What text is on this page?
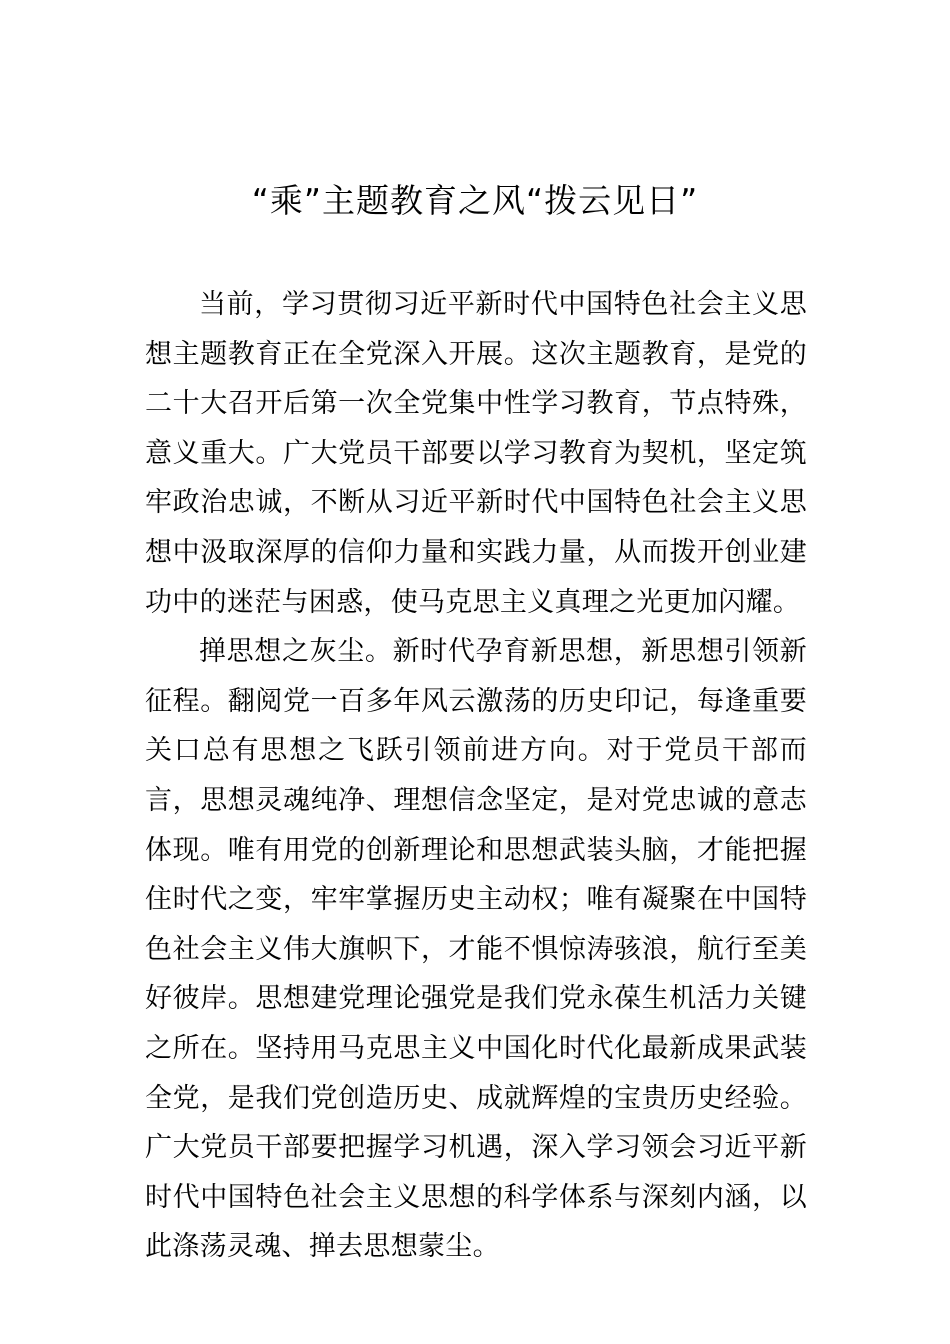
“乘”主题教育之风“拨云见日”

当前，学习贯彻习近平新时代中国特色社会主义思想主题教育正在全党深入开展。这次主题教育，是党的二十大召开后第一次全党集中性学习教育，节点特殊，意义重大。广大党员干部要以学习教育为契机，坚定筑牢政治忠诚，不断从习近平新时代中国特色社会主义思想中汲取深厚的信仰力量和实践力量，从而拨开创业建功中的迷茫与困惑，使马克思主义真理之光更加闪耀。

掸思想之灰尘。新时代孕育新思想，新思想引领新征程。翻阅党一百多年风云激荡的历史印记，每逢重要关口总有思想之飞跃引领前进方向。对于党员干部而言，思想灵魂纯净、理想信念坚定，是对党忠诚的意志体现。唯有用党的创新理论和思想武装头脑，才能把握住时代之变，牢牢掌握历史主动权；唯有凝聚在中国特色社会主义伟大旗帜下，才能不惧惊涛骇浪，航行至美好彼岸。思想建党理论强党是我们党永葆生机活力关键之所在。坚持用马克思主义中国化时代化最新成果武装全党，是我们党创造历史、成就辉煌的宝贵历史经验。广大党员干部要把握学习机遇，深入学习领会习近平新时代中国特色社会主义思想的科学体系与深刻内涵，以此涤荡灵魂、掸去思想蒙尘。
